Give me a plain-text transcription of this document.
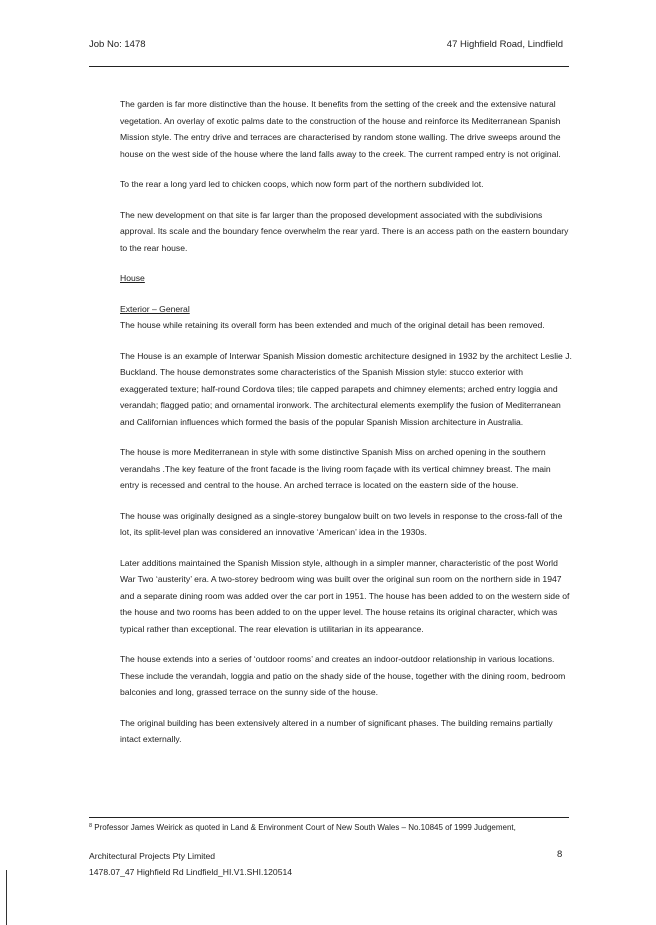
Job No: 1478	47 Highfield Road, Lindfield

The garden is far more distinctive than the house. It benefits from the setting of the creek and the extensive natural vegetation. An overlay of exotic palms date to the construction of the house and reinforce its Mediterranean Spanish Mission style. The entry drive and terraces are characterised by random stone walling. The drive sweeps around the house on the west side of the house where the land falls away to the creek. The current ramped entry is not original.

To the rear a long yard led to chicken coops, which now form part of the northern subdivided lot.

The new development on that site is far larger than the proposed development associated with the subdivisions approval. Its scale and the boundary fence overwhelm the rear yard. There is an access path on the eastern boundary to the rear house.

House

Exterior – General

The house while retaining its overall form has been extended and much of the original detail has been removed.

The House is an example of Interwar Spanish Mission domestic architecture designed in 1932 by the architect Leslie J. Buckland. The house demonstrates some characteristics of the Spanish Mission style: stucco exterior with exaggerated texture; half-round Cordova tiles; tile capped parapets and chimney elements; arched entry loggia and verandah; flagged patio; and ornamental ironwork. The architectural elements exemplify the fusion of Mediterranean and Californian influences which formed the basis of the popular Spanish Mission architecture in Australia.

The house is more Mediterranean in style with some distinctive Spanish Miss on arched opening in the southern verandahs .The key feature of the front facade is the living room façade with its vertical chimney breast. The main entry is recessed and central to the house. An arched terrace is located on the eastern side of the house.

The house was originally designed as a single-storey bungalow built on two levels in response to the cross-fall of the lot, its split-level plan was considered an innovative ‘American’ idea in the 1930s.

Later additions maintained the Spanish Mission style, although in a simpler manner, characteristic of the post World War Two ‘austerity’ era. A two-storey bedroom wing was built over the original sun room on the northern side in 1947 and a separate dining room was added over the car port in 1951. The house has been added to on the western side of the house and two rooms has been added to on the upper level. The house retains its original character, which was typical rather than exceptional. The rear elevation is utilitarian in its appearance.

The house extends into a series of ‘outdoor rooms’ and creates an indoor-outdoor relationship in various locations. These include the verandah, loggia and patio on the shady side of the house, together with the dining room, bedroom balconies and long, grassed terrace on the sunny side of the house.

The original building has been extensively altered in a number of significant phases. The building remains partially intact externally.

$^8$ Professor James Weirick as quoted in Land & Environment Court of New South Wales – No.10845 of 1999 Judgement,
Architectural Projects Pty Limited	8
1478.07_47 Highfield Rd Lindfield_HI.V1.SHI.120514
